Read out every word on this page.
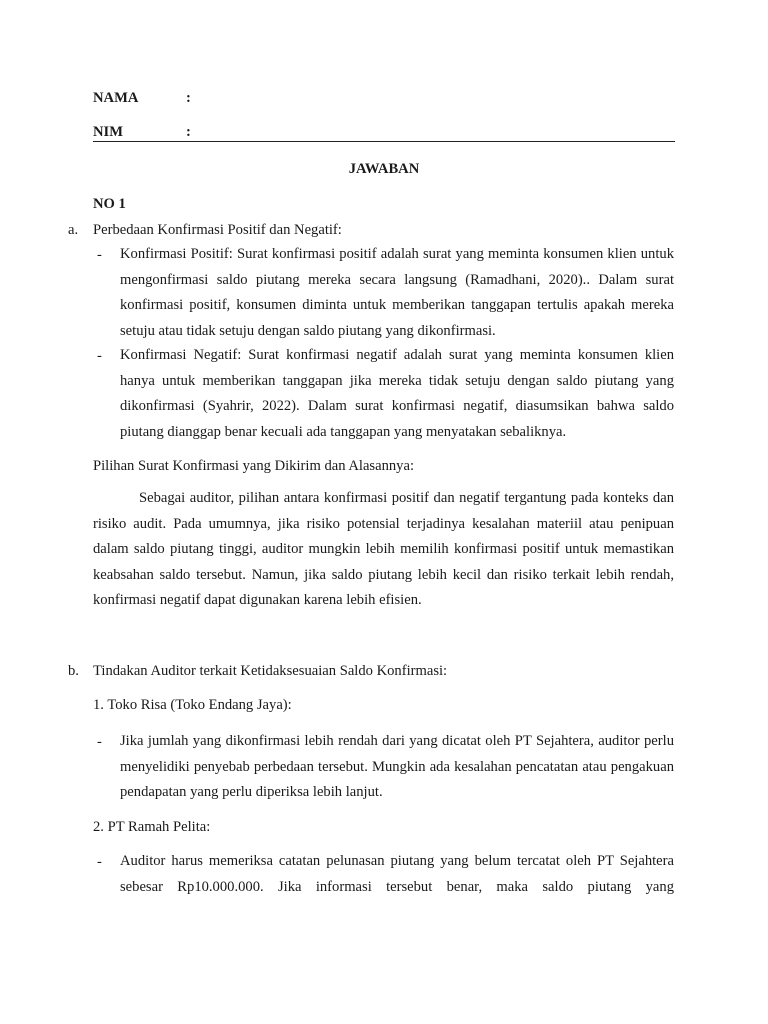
NAMA	:
NIM	:
JAWABAN
NO 1
a. Perbedaan Konfirmasi Positif dan Negatif:
- Konfirmasi Positif: Surat konfirmasi positif adalah surat yang meminta konsumen klien untuk mengonfirmasi saldo piutang mereka secara langsung (Ramadhani, 2020).. Dalam surat konfirmasi positif, konsumen diminta untuk memberikan tanggapan tertulis apakah mereka setuju atau tidak setuju dengan saldo piutang yang dikonfirmasi.
- Konfirmasi Negatif: Surat konfirmasi negatif adalah surat yang meminta konsumen klien hanya untuk memberikan tanggapan jika mereka tidak setuju dengan saldo piutang yang dikonfirmasi (Syahrir, 2022). Dalam surat konfirmasi negatif, diasumsikan bahwa saldo piutang dianggap benar kecuali ada tanggapan yang menyatakan sebaliknya.
Pilihan Surat Konfirmasi yang Dikirim dan Alasannya:
Sebagai auditor, pilihan antara konfirmasi positif dan negatif tergantung pada konteks dan risiko audit. Pada umumnya, jika risiko potensial terjadinya kesalahan materiil atau penipuan dalam saldo piutang tinggi, auditor mungkin lebih memilih konfirmasi positif untuk memastikan keabsahan saldo tersebut. Namun, jika saldo piutang lebih kecil dan risiko terkait lebih rendah, konfirmasi negatif dapat digunakan karena lebih efisien.
b. Tindakan Auditor terkait Ketidaksesuaian Saldo Konfirmasi:
1. Toko Risa (Toko Endang Jaya):
- Jika jumlah yang dikonfirmasi lebih rendah dari yang dicatat oleh PT Sejahtera, auditor perlu menyelidiki penyebab perbedaan tersebut. Mungkin ada kesalahan pencatatan atau pengakuan pendapatan yang perlu diperiksa lebih lanjut.
2. PT Ramah Pelita:
- Auditor harus memeriksa catatan pelunasan piutang yang belum tercatat oleh PT Sejahtera sebesar Rp10.000.000. Jika informasi tersebut benar, maka saldo piutang yang
